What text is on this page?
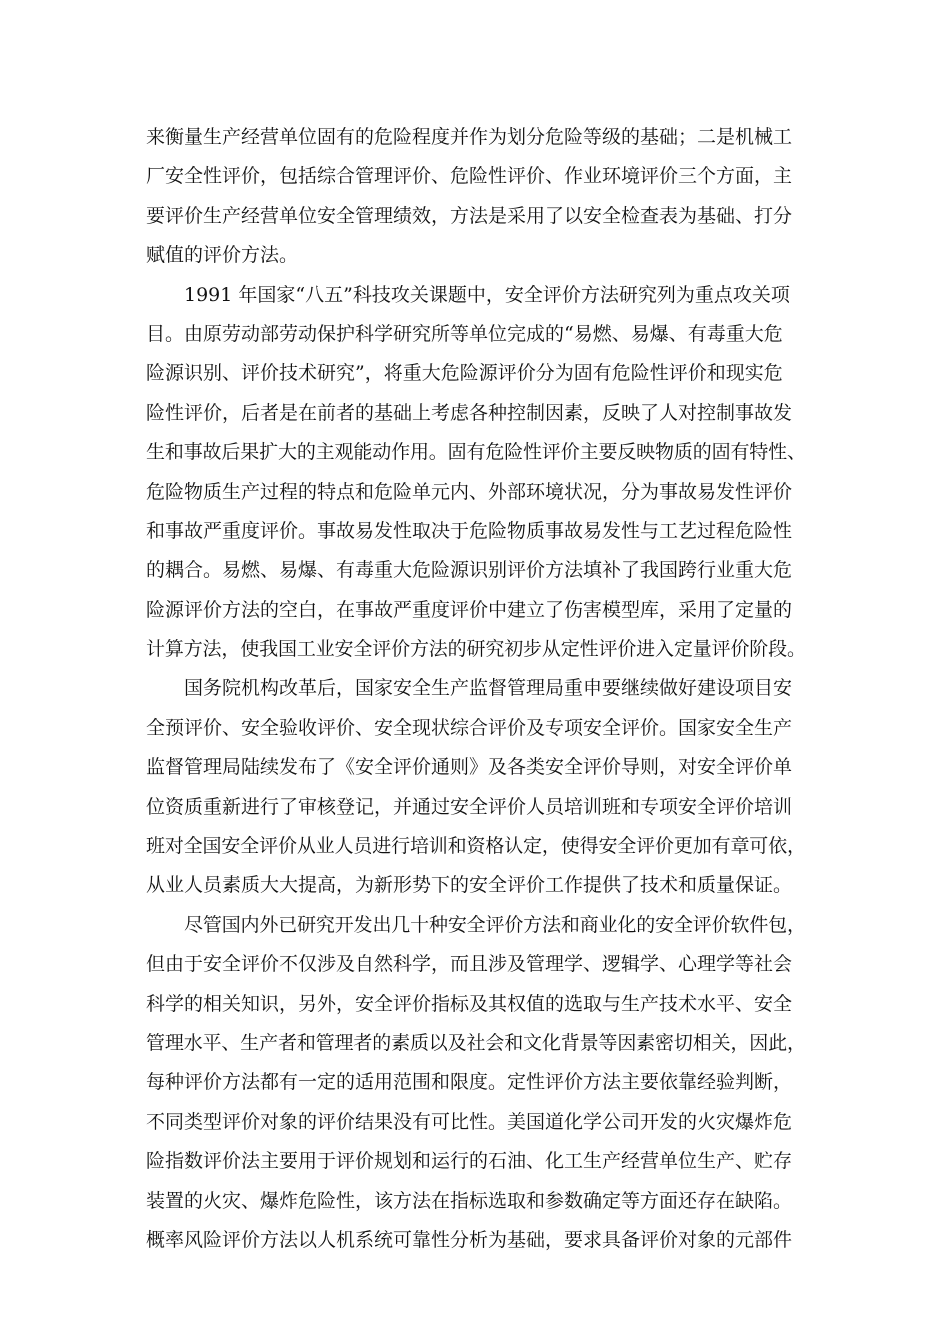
来衡量生产经营单位固有的危险程度并作为划分危险等级的基础；二是机械工
厂安全性评价，包括综合管理评价、危险性评价、作业环境评价三个方面，主
要评价生产经营单位安全管理绩效，方法是采用了以安全检查表为基础、打分
赋值的评价方法。
1991 年国家“八五”科技攻关课题中，安全评价方法研究列为重点攻关项
目。由原劳动部劳动保护科学研究所等单位完成的“易燃、易爆、有毒重大危
险源识别、评价技术研究”，将重大危险源评价分为固有危险性评价和现实危
险性评价，后者是在前者的基础上考虑各种控制因素，反映了人对控制事故发
生和事故后果扩大的主观能动作用。固有危险性评价主要反映物质的固有特性、
危险物质生产过程的特点和危险单元内、外部环境状况，分为事故易发性评价
和事故严重度评价。事故易发性取决于危险物质事故易发性与工艺过程危险性
的耦合。易燃、易爆、有毒重大危险源识别评价方法填补了我国跨行业重大危
险源评价方法的空白，在事故严重度评价中建立了伤害模型库，采用了定量的
计算方法，使我国工业安全评价方法的研究初步从定性评价进入定量评价阶段。
国务院机构改革后，国家安全生产监督管理局重申要继续做好建设项目安
全预评价、安全验收评价、安全现状综合评价及专项安全评价。国家安全生产
监督管理局陆续发布了《安全评价通则》及各类安全评价导则，对安全评价单
位资质重新进行了审核登记，并通过安全评价人员培训班和专项安全评价培训
班对全国安全评价从业人员进行培训和资格认定，使得安全评价更加有章可依，
从业人员素质大大提高，为新形势下的安全评价工作提供了技术和质量保证。
尽管国内外已研究开发出几十种安全评价方法和商业化的安全评价软件包，
但由于安全评价不仅涉及自然科学，而且涉及管理学、逻辑学、心理学等社会
科学的相关知识，另外，安全评价指标及其权值的选取与生产技术水平、安全
管理水平、生产者和管理者的素质以及社会和文化背景等因素密切相关，因此，
每种评价方法都有一定的适用范围和限度。定性评价方法主要依靠经验判断，
不同类型评价对象的评价结果没有可比性。美国道化学公司开发的火灾爆炸危
险指数评价法主要用于评价规划和运行的石油、化工生产经营单位生产、贮存
装置的火灾、爆炸危险性，该方法在指标选取和参数确定等方面还存在缺陷。
概率风险评价方法以人机系统可靠性分析为基础，要求具备评价对象的元部件
